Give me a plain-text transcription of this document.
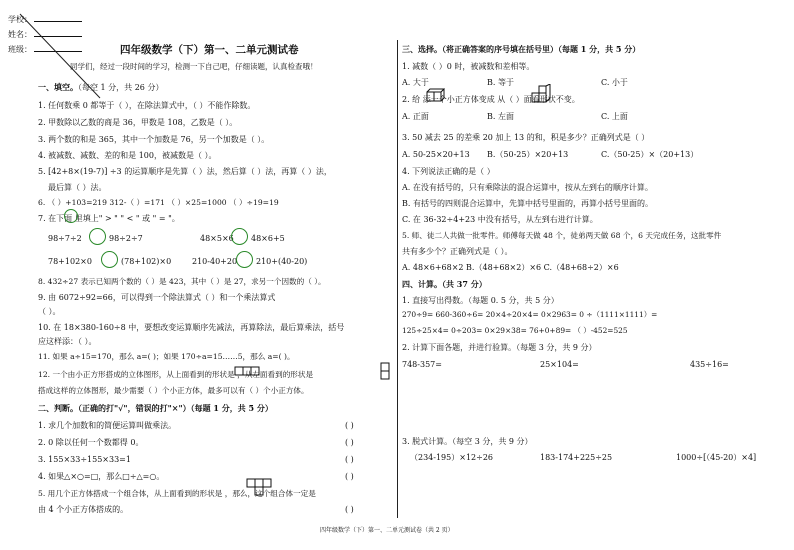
学校：
姓名：
班级：	四年级数学（下）第一、二单元测试卷
同学们，经过一段时间的学习，检测一下自己吧，仔细读题，认真检查哦！
一、填空。（每空 1 分，共 26 分）
1. 任何数乘 0 都等于（ ），在除法算式中，（ ）不能作除数。
2. 甲数除以乙数的商是 36，甲数是 108，乙数是（ ）。
3. 两个数的和是 365，其中一个加数是 76，另一个加数是（ ）。
4. 被减数、减数、差的和是 100，被减数是（ ）。
5. [42+8×(19-7)] ÷3 的运算顺序是先算（ ）法，然后算（ ）法，再算（ ）法，
最后算（ ）法。
6. （ ）+103=219 312-（ ）=171 （ ）×25=1000 （ ）÷19=19
7. 在下面 里填上" > " " < " 或 " = "。
98÷7÷2	98÷2÷7	48×5×6 48×6+5
78+102×0	(78+102)×0	210-40+20 210+(40-20)
8. 432÷27 表示已知两个数的（ ）是 423，其中（ ）是 27，求另一个因数的（ ）。
9. 由 6072÷92=66，可以得到一个除法算式（ ）和一个乘法算式
（ ）。
10. 在 18×380-160÷8 中，要想改变运算顺序先减法，再算除法，最后算乘法，括号
应这样添：（ ）。
11. 如果 a÷15=170，那么 a=( )；如果 170÷a=15……5，那么 a=( )。
12. 一个由小正方形搭成的立体图形，从上面看到的形状是 ，从左面看到的形状是
搭成这样的立体图形，最少需要（ ）个小正方体，最多可以有（ ）个小正方体。
二、判断。（正确的打"√"，错误的打"×"）（每题 1 分，共 5 分）
1. 求几个加数和的简便运算叫做乘法。	( )
2. 0 除以任何一个数都得 0。	( )
3. 155×33÷155×33=1	( )
4. 如果△×○=□，那么□÷△=○。	( )
5. 用几个正方体搭成一个组合体，从上面看到的形状是 ，那么，这个组合体一定是
由 4 个小正方体搭成的。	( )
三、选择。（将正确答案的序号填在括号里）（每题 1 分，共 5 分）
1. 减数（ ）0 时，被减数和差相等。
A. 大于	B. 等于	C. 小于
2. 给 添一个小正方体变成 从（ ）面看形状不变。
A. 正面	B. 左面	C. 上面
3. 50 减去 25 的差乘 20 加上 13 的和，积是多少？正确列式是（ ）
A. 50-25×20+13 B.（50-25）×20+13	C.（50-25）×（20+13）
4. 下列说法正确的是（ ）
A. 在没有括号的，只有乘除法的混合运算中，按从左到右的顺序计算。
B. 有括号的四则混合运算中，先算中括号里面的，再算小括号里面的。
C. 在 36-32÷4+23 中没有括号，从左到右进行计算。
5. 师、徒二人共做一批零件。师傅每天做 48 个，徒弟两天做 68 个，6 天完成任务，这批零件
共有多少个？正确列式是（ ）。
A. 48×6+68×2 B.（48+68×2）×6 C.（48+68÷2）×6
四、计算。（共 37 分）
1. 直接写出得数。（每题 0. 5 分，共 5 分）
270÷9= 660-360÷6= 20×4÷20×4= 0×2963= 0 ÷（1111×1111）=
125÷25×4= 0÷203= 0×29×38= 76+0+89= （ ）-452=525
2. 计算下面各题，并进行验算。（每题 3 分，共 9 分）
748-357=	25×104=	435÷16=
3. 脱式计算。（每空 3 分，共 9 分）
（234-195）×12÷26	183-174+225÷25	1000÷[（45-20）×4]
四年级数学（下）第一、二单元测试卷（共 2 页）
